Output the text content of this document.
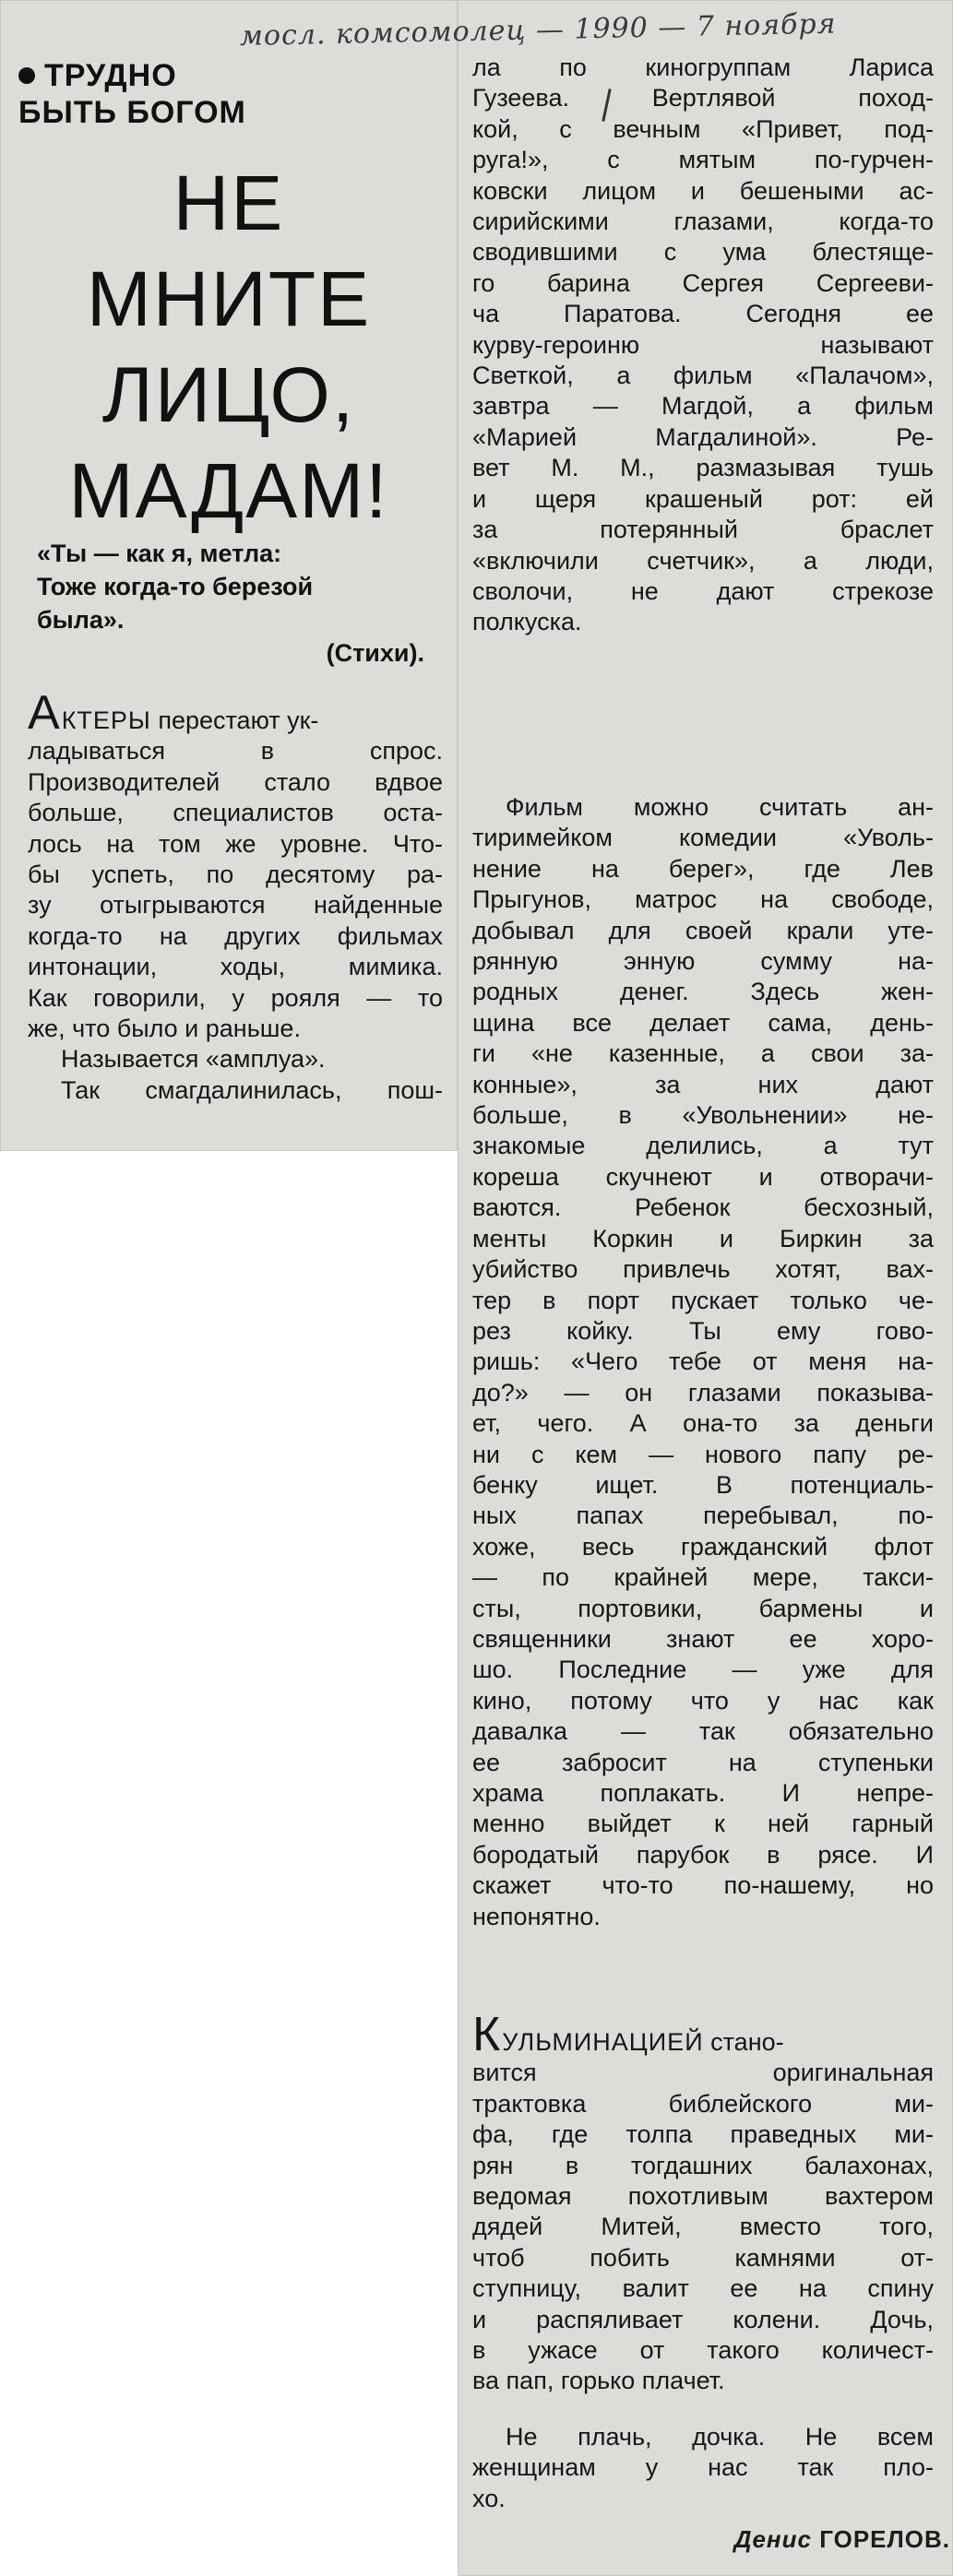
мосл. комсомолец — 1990 — 7 ноября
ТРУДНО
БЫТЬ БОГОМ
НЕ
МНИТЕ
ЛИЦО,
МАДАМ!
«Ты — как я, метла:
Тоже когда-то березой
была».
(Стихи).
АКТЕРЫ перестают ук-
ладываться в спрос.
Производителей стало вдвое
больше, специалистов оста-
лось на том же уровне. Что-
бы успеть, по десятому ра-
зу отыгрываются найденные
когда-то на других фильмах
интонации, ходы, мимика.
Как говорили, у рояля — то
же, что было и раньше.
Называется «амплуа».
Так смагдалинилась, пош-
ла по киногруппам Лариса
Гузеева. Вертлявой поход-
кой, с вечным «Привет, под-
руга!», с мятым по-гурчен-
ковски лицом и бешеными ас-
сирийскими глазами, когда-то
сводившими с ума блестяще-
го барина Сергея Сергееви-
ча Паратова. Сегодня ее
курву-героиню называют
Светкой, а фильм «Палачом»,
завтра — Магдой, а фильм
«Марией Магдалиной». Ре-
вет М. М., размазывая тушь
и щеря крашеный рот: ей
за потерянный браслет
«включили счетчик», а люди,
сволочи, не дают стрекозе
полкуска.
Фильм можно считать ан-
тиримейком комедии «Уволь-
нение на берег», где Лев
Прыгунов, матрос на свободе,
добывал для своей крали уте-
рянную энную сумму на-
родных денег. Здесь жен-
щина все делает сама, день-
ги «не казенные, а свои за-
конные», за них дают
больше, в «Увольнении» не-
знакомые делились, а тут
кореша скучнеют и отворачи-
ваются. Ребенок бесхозный,
менты Коркин и Биркин за
убийство привлечь хотят, вах-
тер в порт пускает только че-
рез койку. Ты ему гово-
ришь: «Чего тебе от меня на-
до?» — он глазами показыва-
ет, чего. А она-то за деньги
ни с кем — нового папу ре-
бенку ищет. В потенциаль-
ных папах перебывал, по-
хоже, весь гражданский флот
— по крайней мере, такси-
сты, портовики, бармены и
священники знают ее хоро-
шо. Последние — уже для
кино, потому что у нас как
давалка — так обязательно
ее забросит на ступеньки
храма поплакать. И непре-
менно выйдет к ней гарный
бородатый парубок в рясе. И
скажет что-то по-нашему, но
непонятно.
КУЛЬМИНАЦИЕЙ стано-
вится оригинальная
трактовка библейского ми-
фа, где толпа праведных ми-
рян в тогдашних балахонах,
ведомая похотливым вахтером
дядей Митей, вместо того,
чтоб побить камнями от-
ступницу, валит ее на спину
и распяливает колени. Дочь,
в ужасе от такого количест-
ва пап, горько плачет.
Не плачь, дочка. Не всем
женщинам у нас так пло-
хо.
Денис ГОРЕЛОВ.
